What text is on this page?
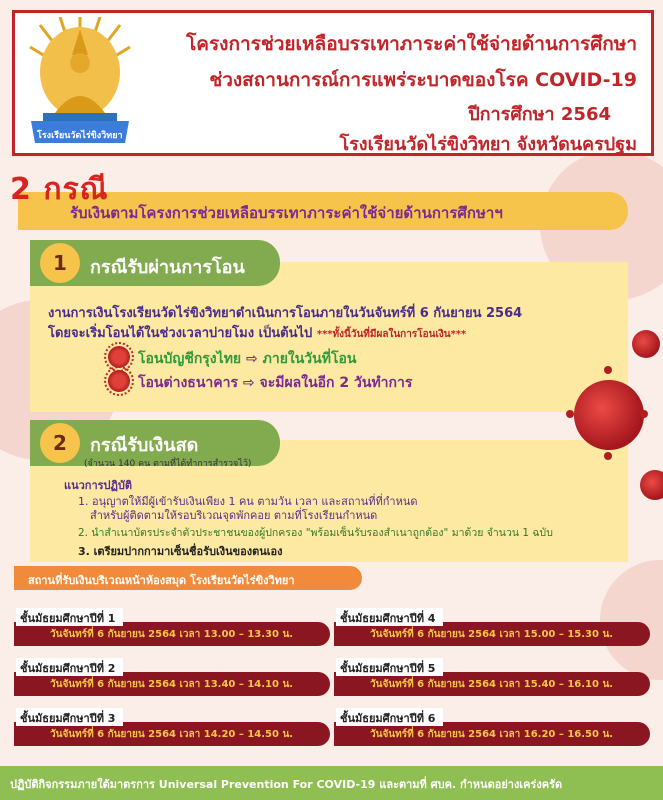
โรงเรียนวัดไร่ขิงวิทยา
โครงการช่วยเหลือบรรเทาภาระค่าใช้จ่ายด้านการศึกษา
ช่วงสถานการณ์การแพร่ระบาดของโรค COVID-19
ปีการศึกษา 2564
โรงเรียนวัดไร่ขิงวิทยา จังหวัดนครปฐม
2 กรณี
รับเงินตามโครงการช่วยเหลือบรรเทาภาระค่าใช้จ่ายด้านการศึกษาฯ
1	กรณีรับผ่านการโอน
งานการเงินโรงเรียนวัดไร่ขิงวิทยาดำเนินการโอนภายในวันจันทร์ที่ 6 กันยายน 2564
โดยจะเริ่มโอนได้ในช่วงเวลาบ่ายโมง เป็นต้นไป ***ทั้งนี้วันที่มีผลในการโอนเงิน***
โอนบัญชีกรุงไทย ⇨ ภายในวันที่โอน
โอนต่างธนาคาร ⇨ จะมีผลในอีก 2 วันทำการ
2	กรณีรับเงินสด
(จำนวน 140 คน ตามที่ได้ทำการสำรวจไว้)
แนวการปฏิบัติ
1. อนุญาตให้มีผู้เข้ารับเงินเพียง 1 คน ตามวัน เวลา และสถานที่ที่กำหนด
สำหรับผู้ติดตามให้รอบริเวณจุดพักคอย ตามที่โรงเรียนกำหนด
2. นำสำเนาบัตรประจำตัวประชาชนของผู้ปกครอง "พร้อมเซ็นรับรองสำเนาถูกต้อง" มาด้วย จำนวน 1 ฉบับ
3. เตรียมปากกามาเซ็นชื่อรับเงินของตนเอง
สถานที่รับเงินบริเวณหน้าห้องสมุด โรงเรียนวัดไร่ขิงวิทยา
ชั้นมัธยมศึกษาปีที่ 1
วันจันทร์ที่ 6 กันยายน 2564 เวลา 13.00 – 13.30 น.
ชั้นมัธยมศึกษาปีที่ 4
วันจันทร์ที่ 6 กันยายน 2564 เวลา 15.00 – 15.30 น.
ชั้นมัธยมศึกษาปีที่ 2
วันจันทร์ที่ 6 กันยายน 2564 เวลา 13.40 – 14.10 น.
ชั้นมัธยมศึกษาปีที่ 5
วันจันทร์ที่ 6 กันยายน 2564 เวลา 15.40 – 16.10 น.
ชั้นมัธยมศึกษาปีที่ 3
วันจันทร์ที่ 6 กันยายน 2564 เวลา 14.20 – 14.50 น.
ชั้นมัธยมศึกษาปีที่ 6
วันจันทร์ที่ 6 กันยายน 2564 เวลา 16.20 – 16.50 น.
ปฏิบัติกิจกรรมภายใต้มาตรการ Universal Prevention For COVID-19 และตามที่ ศบค. กำหนดอย่างเคร่งครัด
